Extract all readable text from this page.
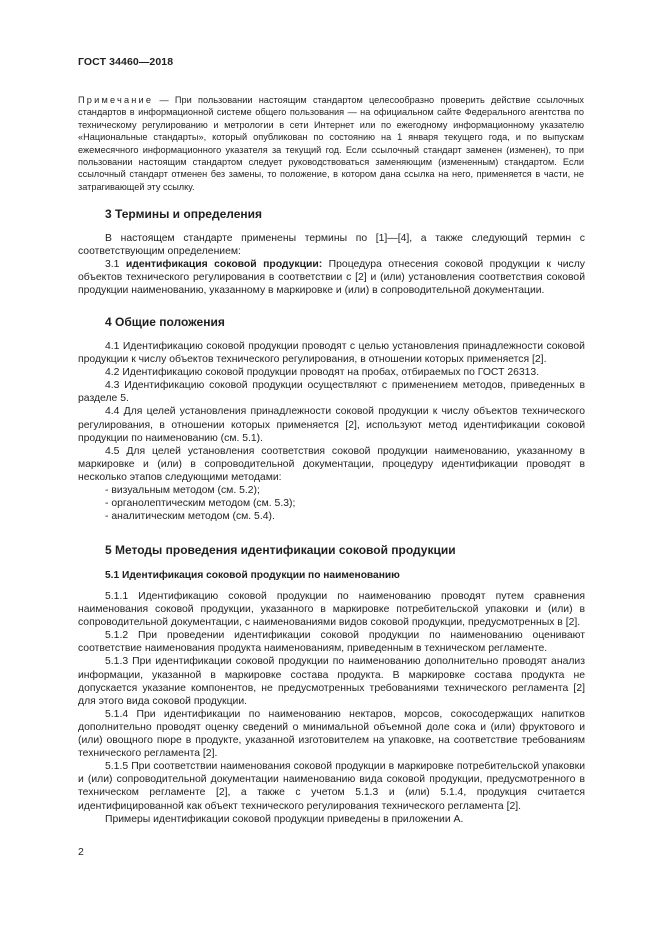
ГОСТ 34460—2018

Примечание — При пользовании настоящим стандартом целесообразно проверить действие ссылочных стандартов в информационной системе общего пользования — на официальном сайте Федерального агентства по техническому регулированию и метрологии в сети Интернет или по ежегодному информационному указателю «Национальные стандарты», который опубликован по состоянию на 1 января текущего года, и по выпускам ежемесячного информационного указателя за текущий год. Если ссылочный стандарт заменен (изменен), то при пользовании настоящим стандартом следует руководствоваться заменяющим (измененным) стандартом. Если ссылочный стандарт отменен без замены, то положение, в котором дана ссылка на него, применяется в части, не затрагивающей эту ссылку.

3 Термины и определения

В настоящем стандарте применены термины по [1]—[4], а также следующий термин с соответствующим определением:

3.1 идентификация соковой продукции: Процедура отнесения соковой продукции к числу объектов технического регулирования в соответствии с [2] и (или) установления соответствия соковой продукции наименованию, указанному в маркировке и (или) в сопроводительной документации.

4 Общие положения

4.1 Идентификацию соковой продукции проводят с целью установления принадлежности соковой продукции к числу объектов технического регулирования, в отношении которых применяется [2].

4.2 Идентификацию соковой продукции проводят на пробах, отбираемых по ГОСТ 26313.

4.3 Идентификацию соковой продукции осуществляют с применением методов, приведенных в разделе 5.

4.4 Для целей установления принадлежности соковой продукции к числу объектов технического регулирования, в отношении которых применяется [2], используют метод идентификации соковой продукции по наименованию (см. 5.1).

4.5 Для целей установления соответствия соковой продукции наименованию, указанному в маркировке и (или) в сопроводительной документации, процедуру идентификации проводят в несколько этапов следующими методами:

- визуальным методом (см. 5.2);

- органолептическим методом (см. 5.3);

- аналитическим методом (см. 5.4).

5 Методы проведения идентификации соковой продукции
5.1 Идентификация соковой продукции по наименованию

5.1.1 Идентификацию соковой продукции по наименованию проводят путем сравнения наименования соковой продукции, указанного в маркировке потребительской упаковки и (или) в сопроводительной документации, с наименованиями видов соковой продукции, предусмотренных в [2].

5.1.2 При проведении идентификации соковой продукции по наименованию оценивают соответствие наименования продукта наименованиям, приведенным в техническом регламенте.

5.1.3 При идентификации соковой продукции по наименованию дополнительно проводят анализ информации, указанной в маркировке состава продукта. В маркировке состава продукта не допускается указание компонентов, не предусмотренных требованиями технического регламента [2] для этого вида соковой продукции.

5.1.4 При идентификации по наименованию нектаров, морсов, сокосодержащих напитков дополнительно проводят оценку сведений о минимальной объемной доле сока и (или) фруктового и (или) овощного пюре в продукте, указанной изготовителем на упаковке, на соответствие требованиям технического регламента [2].

5.1.5 При соответствии наименования соковой продукции в маркировке потребительской упаковки и (или) сопроводительной документации наименованию вида соковой продукции, предусмотренного в техническом регламенте [2], а также с учетом 5.1.3 и (или) 5.1.4, продукция считается идентифицированной как объект технического регулирования технического регламента [2].

Примеры идентификации соковой продукции приведены в приложении А.

2
